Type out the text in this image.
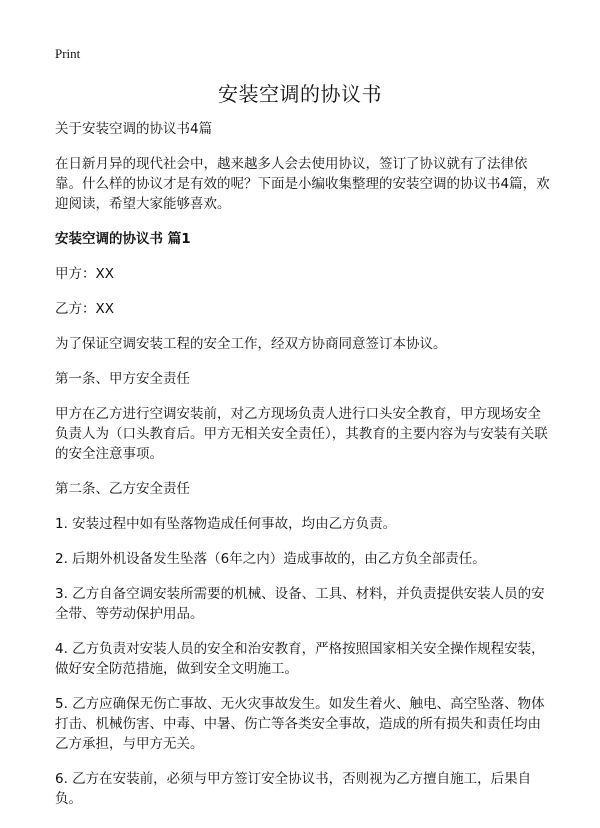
Print
安装空调的协议书

关于安装空调的协议书4篇

在日新月异的现代社会中，越来越多人会去使用协议，签订了协议就有了法律依靠。什么样的协议才是有效的呢？下面是小编收集整理的安装空调的协议书4篇，欢迎阅读，希望大家能够喜欢。

安装空调的协议书 篇1

甲方：XX

乙方：XX

为了保证空调安装工程的安全工作，经双方协商同意签订本协议。

第一条、甲方安全责任

甲方在乙方进行空调安装前，对乙方现场负责人进行口头安全教育，甲方现场安全负责人为（口头教育后。甲方无相关安全责任），其教育的主要内容为与安装有关联的安全注意事项。

第二条、乙方安全责任

1. 安装过程中如有坠落物造成任何事故，均由乙方负责。

2. 后期外机设备发生坠落（6年之内）造成事故的，由乙方负全部责任。

3. 乙方自备空调安装所需要的机械、设备、工具、材料，并负责提供安装人员的安全带、等劳动保护用品。

4. 乙方负责对安装人员的安全和治安教育，严格按照国家相关安全操作规程安装，做好安全防范措施，做到安全文明施工。

5. 乙方应确保无伤亡事故、无火灾事故发生。如发生着火、触电、高空坠落、物体打击、机械伤害、中毒、中暑、伤亡等各类安全事故，造成的所有损失和责任均由乙方承担，与甲方无关。

6. 乙方在安装前，必须与甲方签订安全协议书，否则视为乙方擅自施工，后果自负。
